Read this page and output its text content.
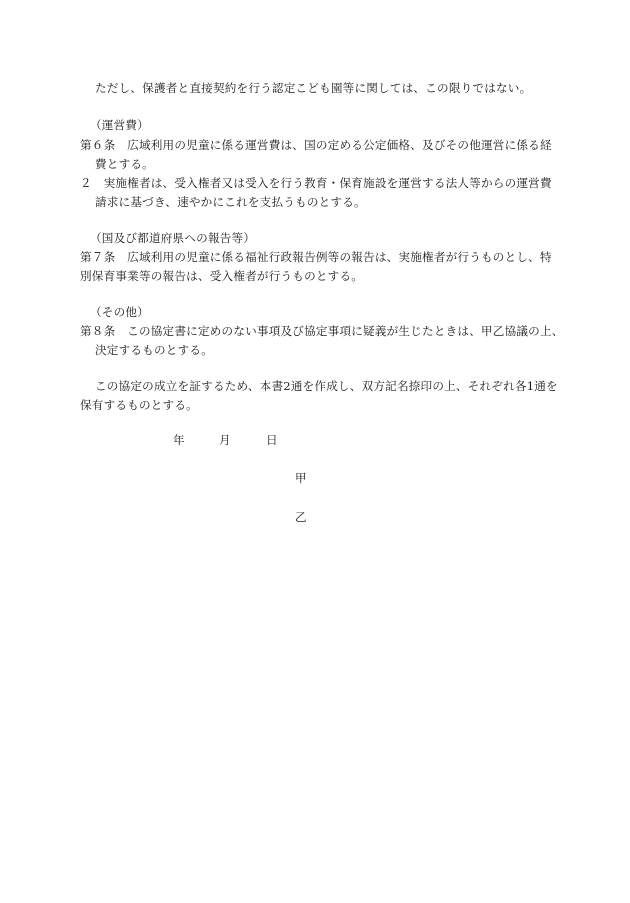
ただし、保護者と直接契約を行う認定こども園等に関しては、この限りではない。
（運営費）
第６条　広域利用の児童に係る運営費は、国の定める公定価格、及びその他運営に係る経
費とする。
２　実施権者は、受入権者又は受入を行う教育・保育施設を運営する法人等からの運営費
請求に基づき、速やかにこれを支払うものとする。
（国及び都道府県への報告等）
第７条　広域利用の児童に係る福祉行政報告例等の報告は、実施権者が行うものとし、特
別保育事業等の報告は、受入権者が行うものとする。
（その他）
第８条　この協定書に定めのない事項及び協定事項に疑義が生じたときは、甲乙協議の上、
決定するものとする。
この協定の成立を証するため、本書2通を作成し、双方記名捺印の上、それぞれ各1通を
保有するものとする。
年	月	日
甲
乙
